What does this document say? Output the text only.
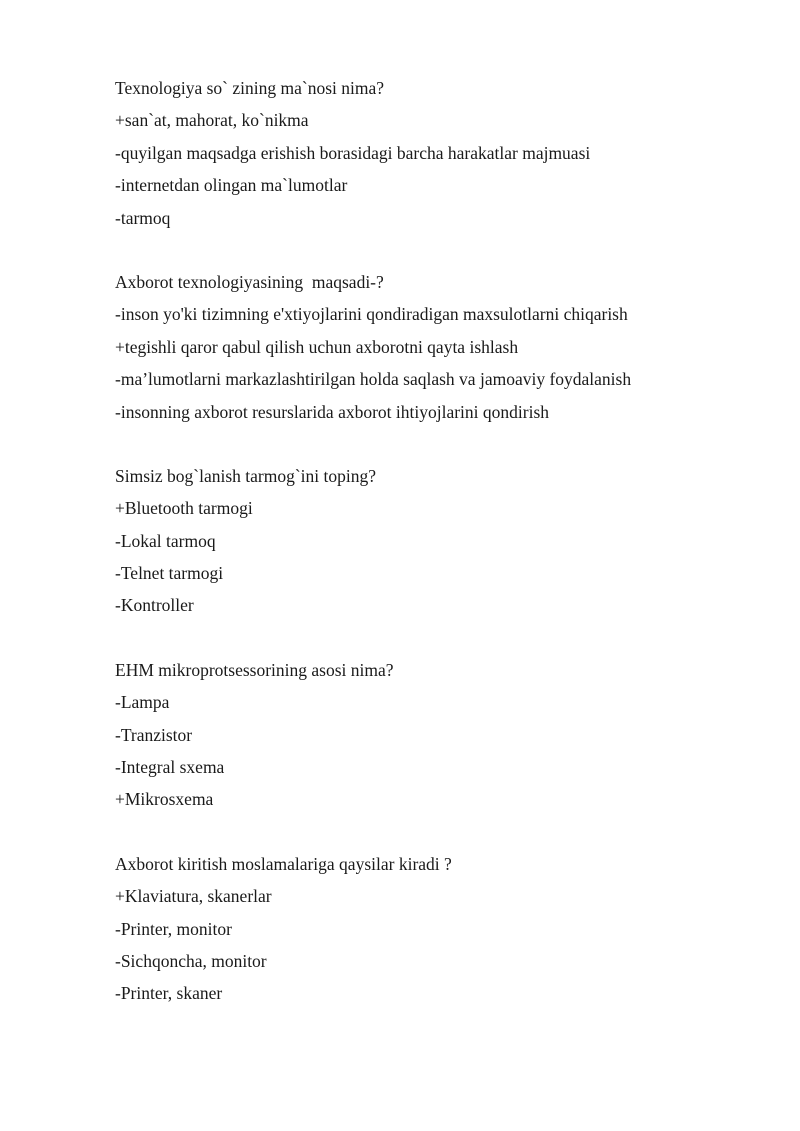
Texnologiya so` zining ma`nosi nima?
+san`at, mahorat, ko`nikma
-quyilgan maqsadga erishish borasidagi barcha harakatlar majmuasi
-internetdan olingan ma`lumotlar
-tarmoq
Axborot texnologiyasining  maqsadi-?
-inson yo'ki tizimning e'xtiyojlarini qondiradigan maxsulotlarni chiqarish
+tegishli qaror qabul qilish uchun axborotni qayta ishlash
-ma’lumotlarni markazlashtirilgan holda saqlash va jamoaviy foydalanish
-insonning axborot resurslarida axborot ihtiyojlarini qondirish
Simsiz bog`lanish tarmog`ini toping?
+Bluetooth tarmogi
-Lokal tarmoq
-Telnet tarmogi
-Kontroller
EHM mikroprotsessorining asosi nima?
-Lampa
-Tranzistor
-Integral sxema
+Mikrosxema
Axborot kiritish moslamalariga qaysilar kiradi ?
+Klaviatura, skanerlar
-Printer, monitor
-Sichqoncha, monitor
-Printer, skaner
